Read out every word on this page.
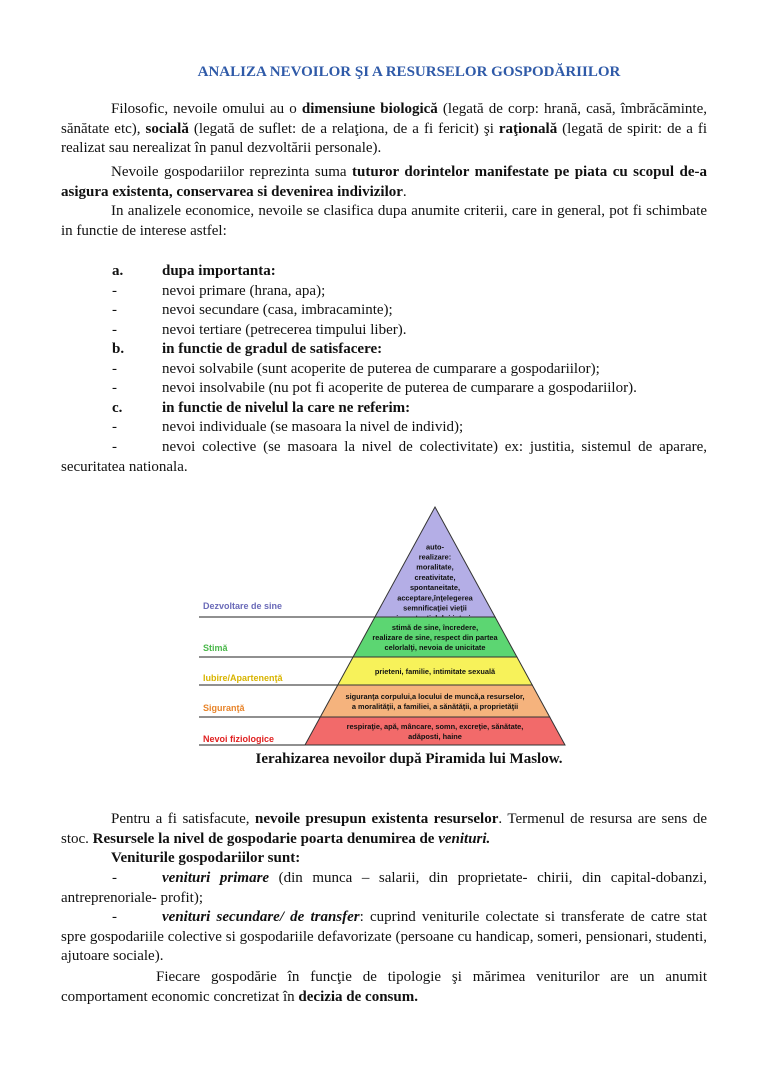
ANALIZA NEVOILOR ŞI A RESURSELOR GOSPODĂRIILOR

Filosofic, nevoile omului au o dimensiune biologică (legată de corp: hrană, casă, îmbrăcăminte, sănătate etc), socială (legată de suflet: de a relaţiona, de a fi fericit) şi raţională (legată de spirit: de a fi realizat sau nerealizat în panul dezvoltării personale).

Nevoile gospodariilor reprezinta suma tuturor dorintelor manifestate pe piata cu scopul de-a asigura existenta, conservarea si devenirea indivizilor.

In analizele economice, nevoile se clasifica dupa anumite criterii, care in general, pot fi schimbate in functie de interese astfel:

a.	dupa importanta:
-	nevoi primare (hrana, apa);
-	nevoi secundare (casa, imbracaminte);
-	nevoi tertiare (petrecerea timpului liber).
b.	in functie de gradul de satisfacere:
-	nevoi solvabile (sunt acoperite de puterea de cumparare a gospodariilor);
-	nevoi insolvabile (nu pot fi acoperite de puterea de cumparare a gospodariilor).
c.	in functie de nivelul la care ne referim:
-	nevoi individuale (se masoara la nivel de individ);

-	nevoi colective (se masoara la nivel de colectivitate) ex: justitia, sistemul de aparare, securitatea nationala.

Dezvoltare de sine
auto-
realizare:
moralitate,
creativitate,
spontaneitate,
acceptare,înţelegerea
semnificaţiei vieţii
Stimă
stimă de sine, încredere,
realizare de sine, respect din partea
celorlalţi, nevoia de unicitate
Iubire/Apartenenţă
prieteni, familie, intimitate sexuală
Siguranţă
siguranţa corpului,a locului de muncă,a resurselor,
a moralităţii, a familiei, a sănătăţii, a proprietăţii
Nevoi fiziologice
respiraţie, apă, mâncare, somn, excreţie, sănătate,
adăposti, haine
Ierahizarea nevoilor după Piramida lui Maslow.

Pentru a fi satisfacute, nevoile presupun existenta resurselor. Termenul de resursa are sens de stoc. Resursele la nivel de gospodarie poarta denumirea de venituri.

Veniturile gospodariilor sunt:

-	venituri primare (din munca – salarii, din proprietate- chirii, din capital-dobanzi, antreprenoriale- profit);

-	venituri secundare/ de transfer: cuprind veniturile colectate si transferate de catre stat spre gospodariile colective si gospodariile defavorizate (persoane cu handicap, someri, pensionari, studenti, ajutoare sociale).

Fiecare gospodărie în funcţie de tipologie şi mărimea veniturilor are un anumit comportament economic concretizat în decizia de consum.
